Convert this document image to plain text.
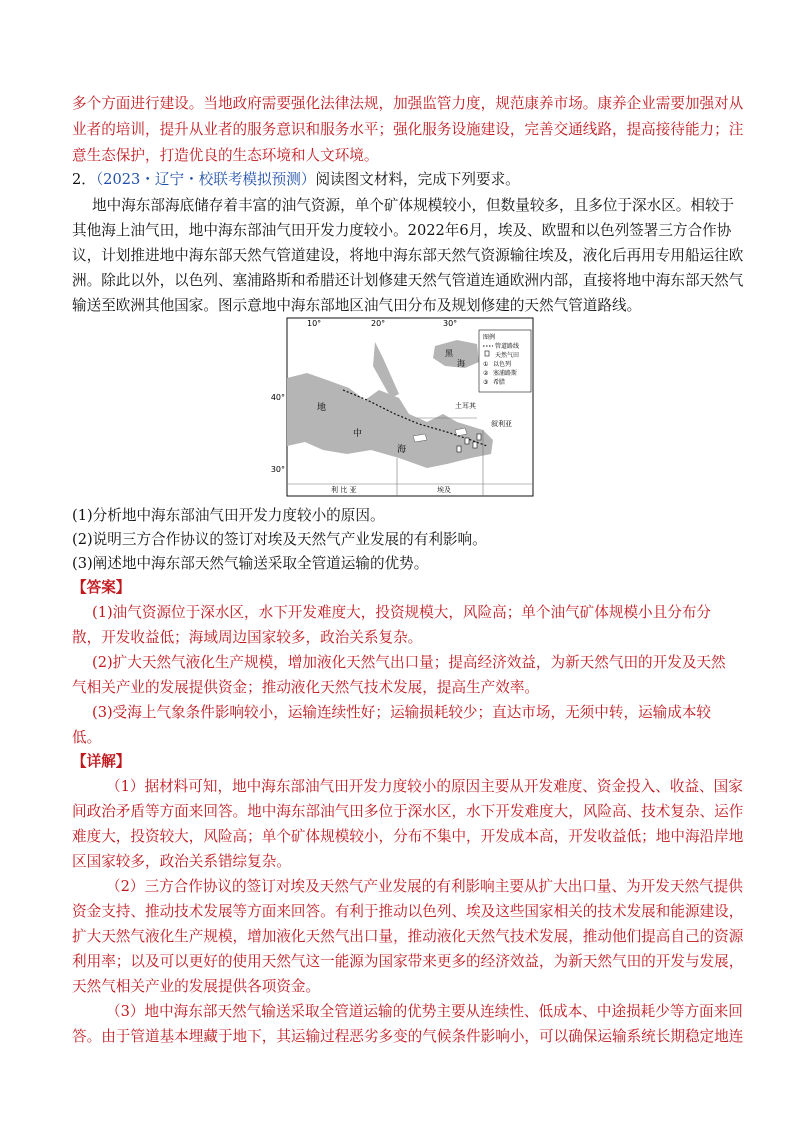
多个方面进行建设。当地政府需要强化法律法规，加强监管力度，规范康养市场。康养企业需要加强对从
业者的培训，提升从业者的服务意识和服务水平；强化服务设施建设，完善交通线路，提高接待能力；注
意生态保护，打造优良的生态环境和人文环境。
2．（2023・辽宁・校联考模拟预测）阅读图文材料，完成下列要求。
地中海东部海底储存着丰富的油气资源，单个矿体规模较小，但数量较多，且多位于深水区。相较于
其他海上油气田，地中海东部油气田开发力度较小。2022年6月，埃及、欧盟和以色列签署三方合作协
议，计划推进地中海东部天然气管道建设，将地中海东部天然气资源输往埃及，液化后再用专用船运往欧
洲。除此以外，以色列、塞浦路斯和希腊还计划修建天然气管道连通欧洲内部，直接将地中海东部天然气
输送至欧洲其他国家。图示意地中海东部地区油气田分布及规划修建的天然气管道路线。
10°	20°	30°
40°
30°
地
中
海
黑
海
土耳其
叙利亚
利 比 亚	埃及
图例
管道路线
天然气田
① 以色列
② 塞浦路斯
③ 希腊
(1)分析地中海东部油气田开发力度较小的原因。
(2)说明三方合作协议的签订对埃及天然气产业发展的有利影响。
(3)阐述地中海东部天然气输送采取全管道运输的优势。
【答案】
(1)油气资源位于深水区，水下开发难度大，投资规模大，风险高；单个油气矿体规模小且分布分
散，开发收益低；海域周边国家较多，政治关系复杂。
(2)扩大天然气液化生产规模，增加液化天然气出口量；提高经济效益，为新天然气田的开发及天然
气相关产业的发展提供资金；推动液化天然气技术发展，提高生产效率。
(3)受海上气象条件影响较小，运输连续性好；运输损耗较少；直达市场，无须中转，运输成本较
低。
【详解】
（1）据材料可知，地中海东部油气田开发力度较小的原因主要从开发难度、资金投入、收益、国家
间政治矛盾等方面来回答。地中海东部油气田多位于深水区，水下开发难度大，风险高、技术复杂、运作
难度大，投资较大，风险高；单个矿体规模较小，分布不集中，开发成本高，开发收益低；地中海沿岸地
区国家较多，政治关系错综复杂。
（2）三方合作协议的签订对埃及天然气产业发展的有利影响主要从扩大出口量、为开发天然气提供
资金支持、推动技术发展等方面来回答。有利于推动以色列、埃及这些国家相关的技术发展和能源建设，
扩大天然气液化生产规模，增加液化天然气出口量，推动液化天然气技术发展，推动他们提高自己的资源
利用率；以及可以更好的使用天然气这一能源为国家带来更多的经济效益，为新天然气田的开发与发展，
天然气相关产业的发展提供各项资金。
（3）地中海东部天然气输送采取全管道运输的优势主要从连续性、低成本、中途损耗少等方面来回
答。由于管道基本埋藏于地下，其运输过程恶劣多变的气候条件影响小，可以确保运输系统长期稳定地连
